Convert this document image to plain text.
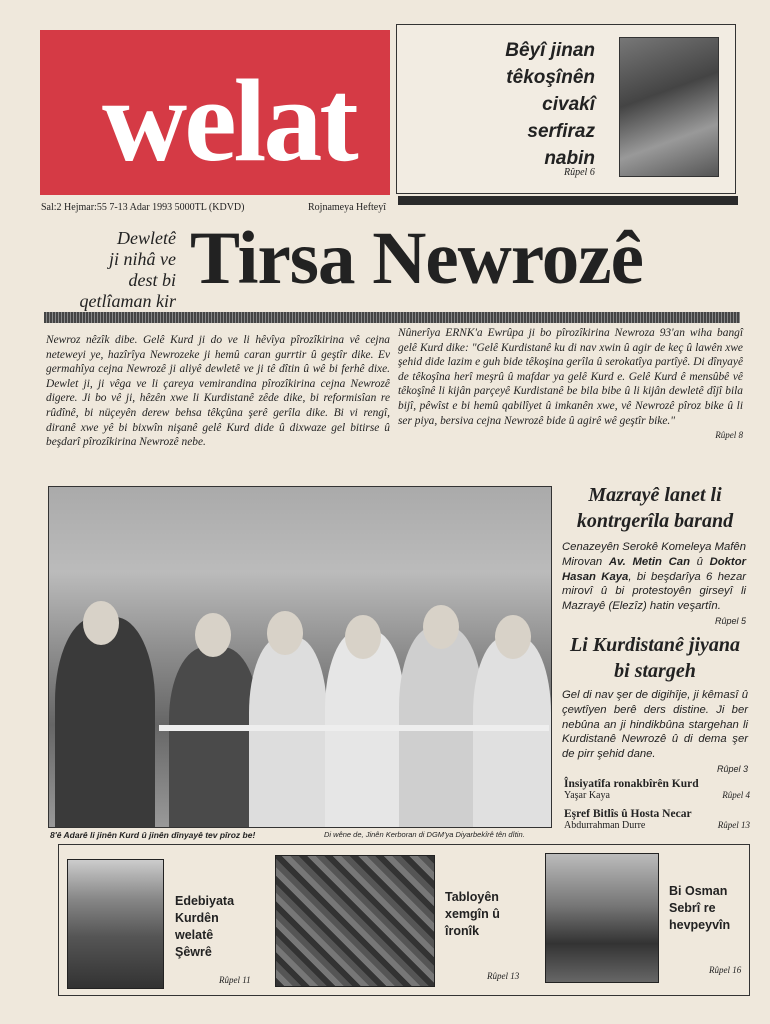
welat
Bêyî jinan
têkoşînên
civakî
serfiraz
nabin
Rûpel 6
Sal:2 Hejmar:55 7-13 Adar 1993 5000TL (KDVD)	Rojnameya Hefteyî
Dewletê
ji nihâ ve
dest bi
qetlîaman kir
Tirsa Newrozê
Newroz nêzîk dibe. Gelê Kurd ji do ve li hêvîya pîrozîkirina vê cejna neteweyi ye, hazîrîya Newrozeke ji hemû caran gurrtir û geştîr dike. Ev germahîya cejna Newrozê ji aliyê dewletê ve ji tê dîtin û wê bi ferhê dixe. Dewlet ji, ji vêga ve li çareya vemirandina pîrozîkirina cejna Newrozê digere. Ji bo vê ji, hêzên xwe li Kurdistanê zêde dike, bi reformisîan re rûdînê, bi nüçeyên derew behsa têkçûna şerê gerîla dike. Bi vi rengî, diranê xwe yê bi bixwîn nişanê gelê Kurd dide û dixwaze gel bitirse û beşdarî pîrozîkirina Newrozê nebe.
Nûnerîya ERNK'a Ewrûpa ji bo pîrozîkirina Newroza 93'an wiha bangî gelê Kurd dike: "Gelê Kurdistanê ku di nav xwin û agir de keç û lawên xwe şehid dide lazim e guh bide têkoşina gerîla û serokatîya partîyê. Di dînyayê de têkoşîna herî meşrû û mafdar ya gelê Kurd e. Gelê Kurd ê mensûbê vê têkoşînê li kijân parçeyê Kurdistanê be bila bibe û li kijân dewletê dîjî bila bijî, pêwîst e bi hemû qabilîyet û imkanên xwe, vê Newrozê pîroz bike û li ser piya, bersiva cejna Newrozê bide û agirê wê geştîr bike."
Rûpel 8
8'ê Adarê li jinên Kurd û jinên dînyayê tev pîroz be!	Di wêne de, Jinên Kerboran di DGM'ya Diyarbekîrê tên dîtin.
Mazrayê lanet li kontrgerîla barand
Cenazeyên Serokê Komeleya Mafên Mirovan Av. Metin Can û Doktor Hasan Kaya, bi beşdarîya 6 hezar mirovî û bi protestoyên girseyî li Mazrayê (Elezîz) hatin veşartîn.
Rûpel 5
Li Kurdistanê jiyana bi stargeh
Gel di nav şer de digihîje, ji kêmasî û çewtîyen berê ders distine. Ji ber nebûna an ji hindikbûna stargehan li Kurdistanê Newrozê û di dema şer de pirr şehid dane.
Rûpel 3
Însiyatîfa ronakbîrên Kurd
Yaşar Kaya	Rûpel 4
Eşref Bitlîs û Hosta Necar
Abdurrahman Durre	Rûpel 13
Edebiyata
Kurdên
welatê
Şêwrê
Rûpel 11
Tabloyên
xemgîn û
îronîk
Rûpel 13
Bi Osman
Sebrî re
hevpeyvîn
Rûpel 16
